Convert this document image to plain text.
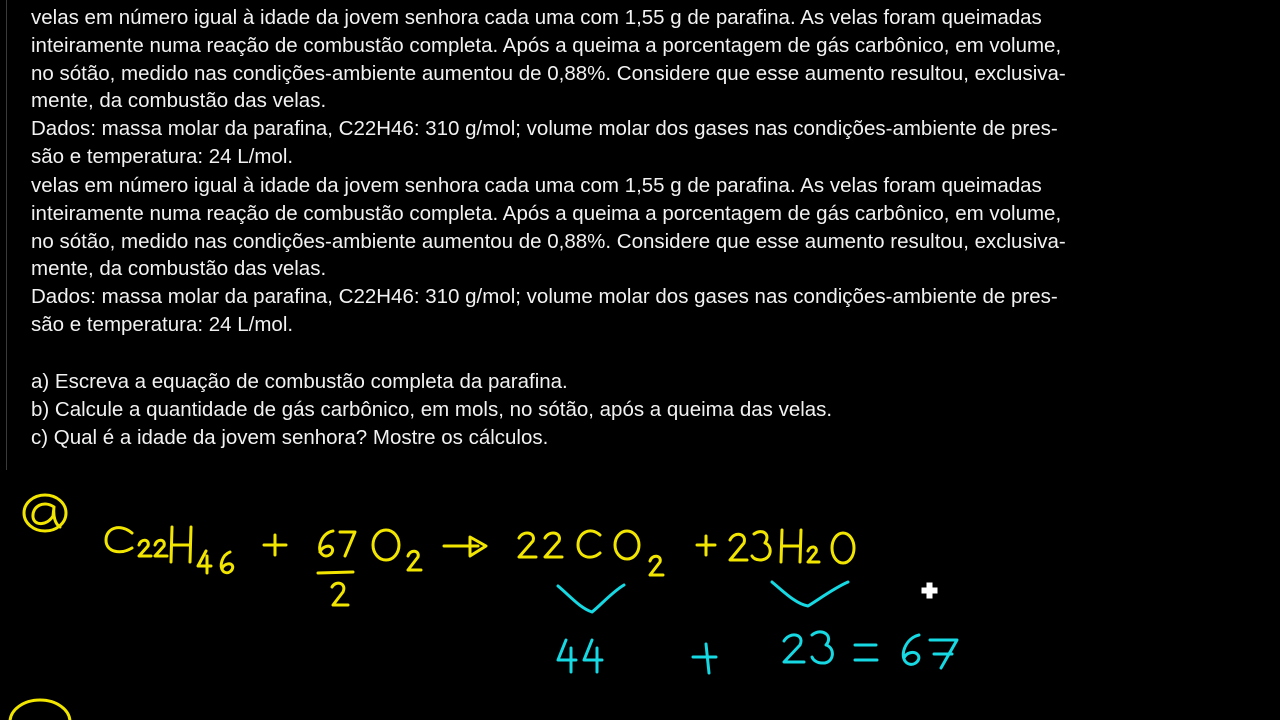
velas em número igual à idade da jovem senhora cada uma com 1,55 g de parafina. As velas foram queimadas

inteiramente numa reação de combustão completa. Após a queima a porcentagem de gás carbônico, em volume,

no sótão, medido nas condições-ambiente aumentou de 0,88%. Considere que esse aumento resultou, exclusiva-

mente, da combustão das velas.

Dados: massa molar da parafina, C22H46: 310 g/mol; volume molar dos gases nas condições-ambiente de pres-

são e temperatura: 24 L/mol.

velas em número igual à idade da jovem senhora cada uma com 1,55 g de parafina. As velas foram queimadas

inteiramente numa reação de combustão completa. Após a queima a porcentagem de gás carbônico, em volume,

no sótão, medido nas condições-ambiente aumentou de 0,88%. Considere que esse aumento resultou, exclusiva-

mente, da combustão das velas.

Dados: massa molar da parafina, C22H46: 310 g/mol; volume molar dos gases nas condições-ambiente de pres-

são e temperatura: 24 L/mol.

a) Escreva a equação de combustão completa da parafina.

b) Calcule a quantidade de gás carbônico, em mols, no sótão, após a queima das velas.

c) Qual é a idade da jovem senhora? Mostre os cálculos.
